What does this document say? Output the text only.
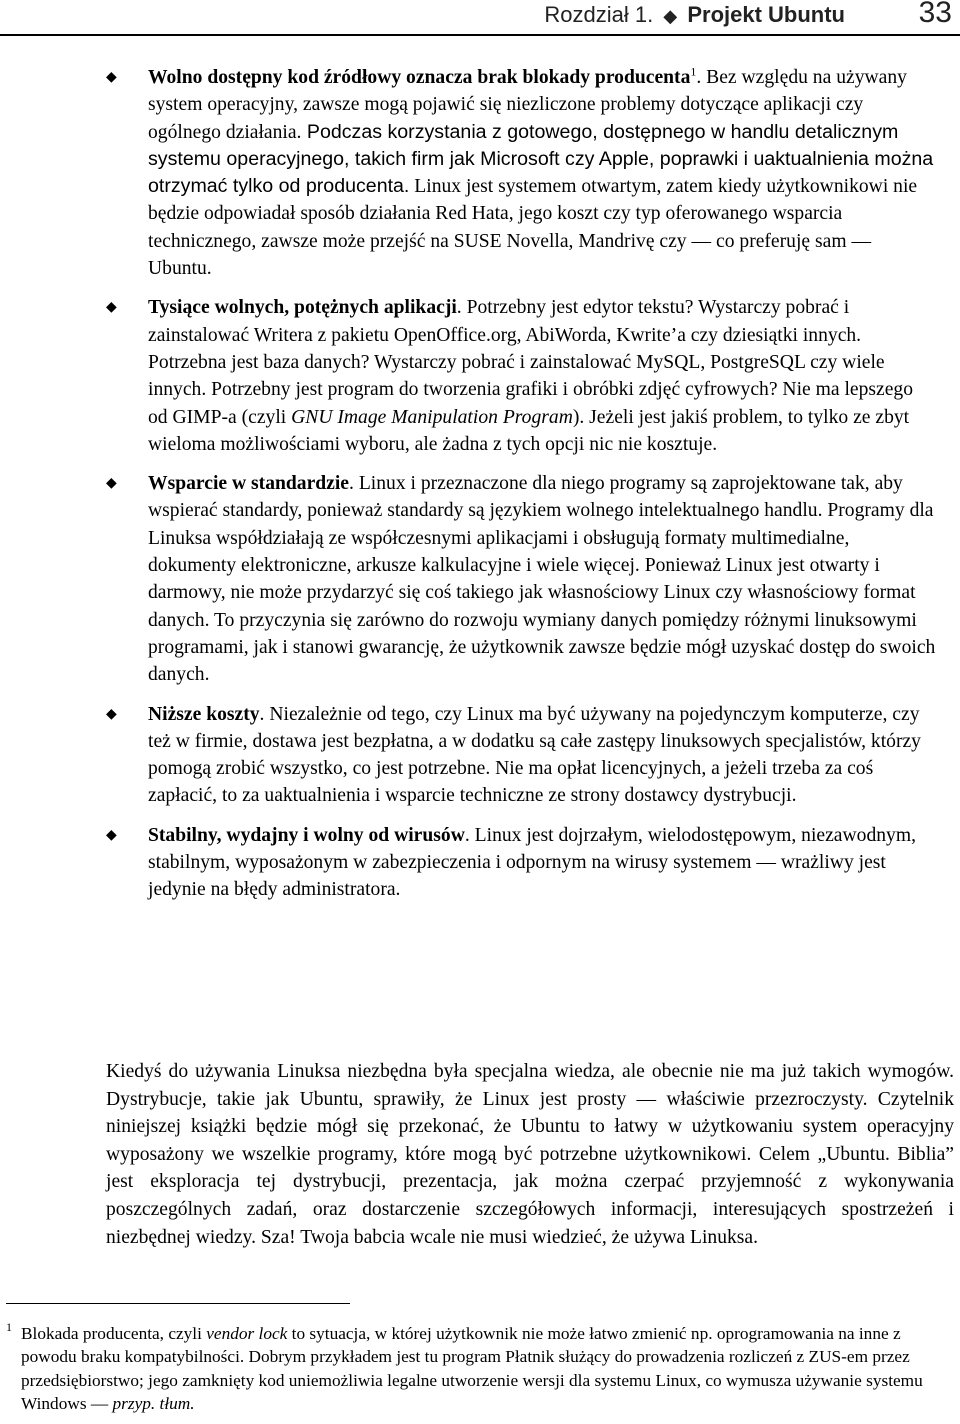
Rozdział 1. ◆ Projekt Ubuntu 33
◆ Wolno dostępny kod źródłowy oznacza brak blokady producenta$^1$. Bez względu na używany system operacyjny, zawsze mogą pojawić się niezliczone problemy dotyczące aplikacji czy ogólnego działania. Podczas korzystania z gotowego, dostępnego w handlu detalicznym systemu operacyjnego, takich firm jak Microsoft czy Apple, poprawki i uaktualnienia można otrzymać tylko od producenta. Linux jest systemem otwartym, zatem kiedy użytkownikowi nie będzie odpowiadał sposób działania Red Hata, jego koszt czy typ oferowanego wsparcia technicznego, zawsze może przejść na SUSE Novella, Mandrivę czy — co preferuję sam — Ubuntu.
◆ Tysiące wolnych, potężnych aplikacji. Potrzebny jest edytor tekstu? Wystarczy pobrać i zainstalować Writera z pakietu OpenOffice.org, AbiWorda, Kwrite’a czy dziesiątki innych. Potrzebna jest baza danych? Wystarczy pobrać i zainstalować MySQL, PostgreSQL czy wiele innych. Potrzebny jest program do tworzenia grafiki i obróbki zdjęć cyfrowych? Nie ma lepszego od GIMP-a (czyli GNU Image Manipulation Program). Jeżeli jest jakiś problem, to tylko ze zbyt wieloma możliwościami wyboru, ale żadna z tych opcji nic nie kosztuje.
◆ Wsparcie w standardzie. Linux i przeznaczone dla niego programy są zaprojektowane tak, aby wspierać standardy, ponieważ standardy są językiem wolnego intelektualnego handlu. Programy dla Linuksa współdziałają ze współczesnymi aplikacjami i obsługują formaty multimedialne, dokumenty elektroniczne, arkusze kalkulacyjne i wiele więcej. Ponieważ Linux jest otwarty i darmowy, nie może przydarzyć się coś takiego jak własnościowy Linux czy własnościowy format danych. To przyczynia się zarówno do rozwoju wymiany danych pomiędzy różnymi linuksowymi programami, jak i stanowi gwarancję, że użytkownik zawsze będzie mógł uzyskać dostęp do swoich danych.
◆ Niższe koszty. Niezależnie od tego, czy Linux ma być używany na pojedynczym komputerze, czy też w firmie, dostawa jest bezpłatna, a w dodatku są całe zastępy linuksowych specjalistów, którzy pomogą zrobić wszystko, co jest potrzebne. Nie ma opłat licencyjnych, a jeżeli trzeba za coś zapłacić, to za uaktualnienia i wsparcie techniczne ze strony dostawcy dystrybucji.
◆ Stabilny, wydajny i wolny od wirusów. Linux jest dojrzałym, wielodostępowym, niezawodnym, stabilnym, wyposażonym w zabezpieczenia i odpornym na wirusy systemem — wrażliwy jest jedynie na błędy administratora.
Kiedyś do używania Linuksa niezbędna była specjalna wiedza, ale obecnie nie ma już takich wymogów. Dystrybucje, takie jak Ubuntu, sprawiły, że Linux jest prosty — właściwie przezroczysty. Czytelnik niniejszej książki będzie mógł się przekonać, że Ubuntu to łatwy w użytkowaniu system operacyjny wyposażony we wszelkie programy, które mogą być potrzebne użytkownikowi. Celem „Ubuntu. Biblia” jest eksploracja tej dystrybucji, prezentacja, jak można czerpać przyjemność z wykonywania poszczególnych zadań, oraz dostarczenie szczegółowych informacji, interesujących spostrzeżeń i niezbędnej wiedzy. Sza! Twoja babcia wcale nie musi wiedzieć, że używa Linuksa.
1 Blokada producenta, czyli vendor lock to sytuacja, w której użytkownik nie może łatwo zmienić np. oprogramowania na inne z powodu braku kompatybilności. Dobrym przykładem jest tu program Płatnik służący do prowadzenia rozliczeń z ZUS-em przez przedsiębiorstwo; jego zamknięty kod uniemożliwia legalne utworzenie wersji dla systemu Linux, co wymusza używanie systemu Windows — przyp. tłum.
